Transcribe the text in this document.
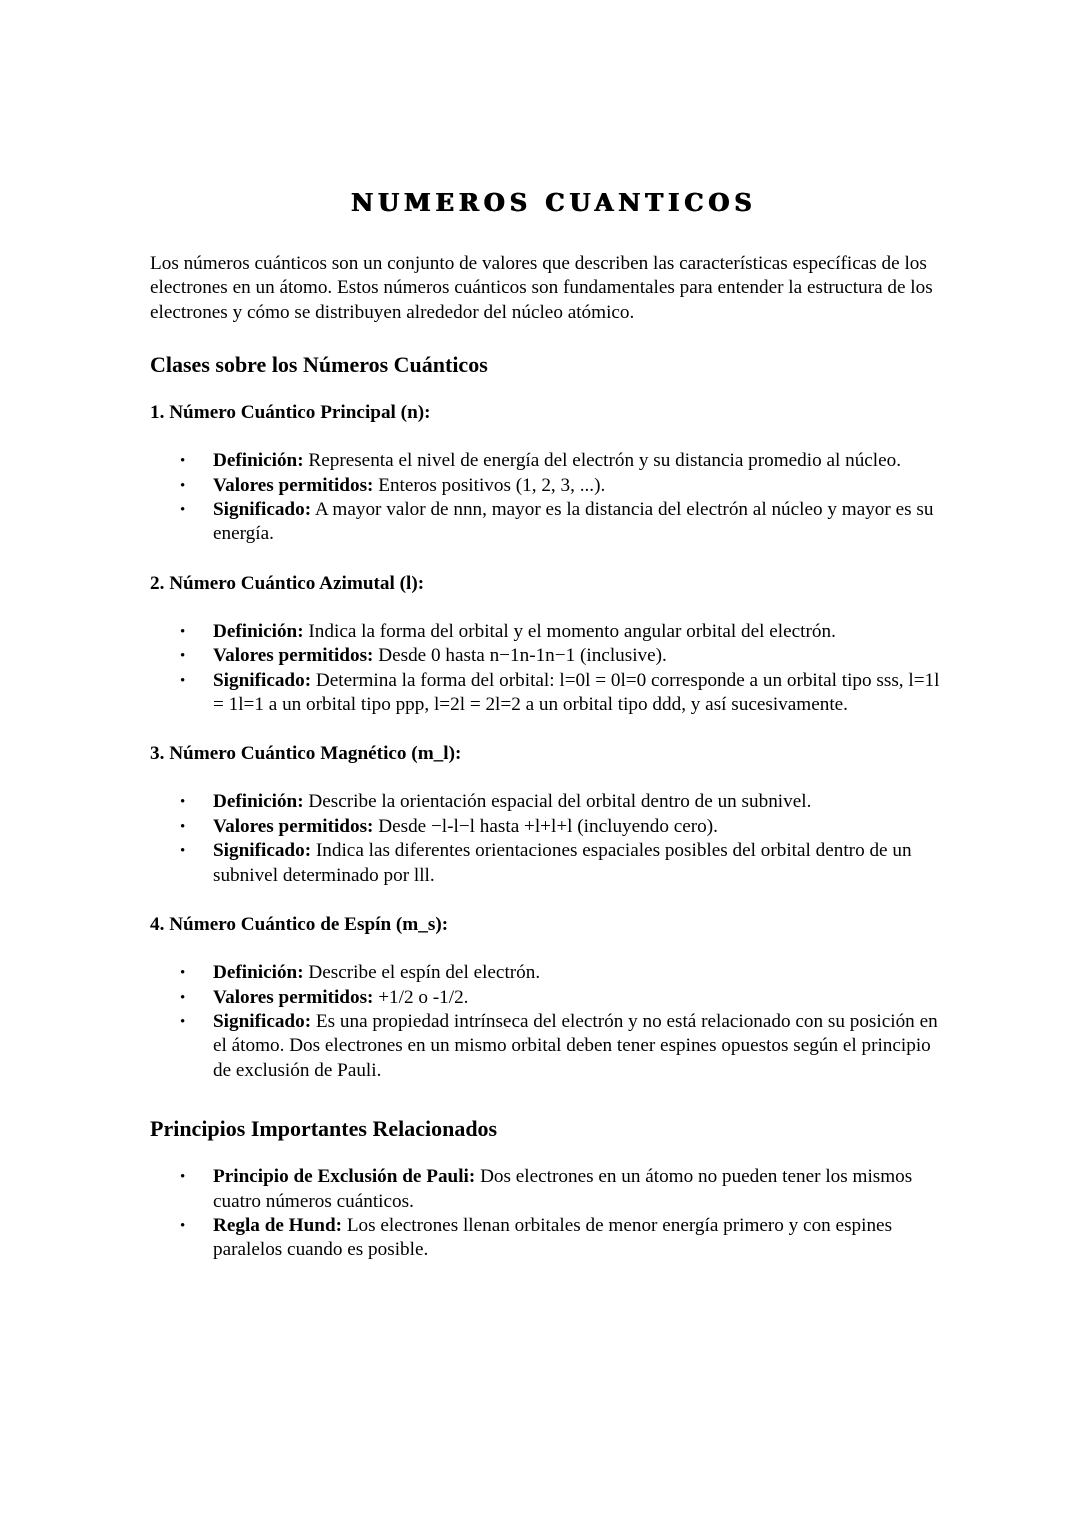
NUMEROS CUANTICOS

Los números cuánticos son un conjunto de valores que describen las características específicas de los electrones en un átomo. Estos números cuánticos son fundamentales para entender la estructura de los electrones y cómo se distribuyen alrededor del núcleo atómico.

Clases sobre los Números Cuánticos
1. Número Cuántico Principal (n):
• Definición: Representa el nivel de energía del electrón y su distancia promedio al núcleo.
• Valores permitidos: Enteros positivos (1, 2, 3, ...).
• Significado: A mayor valor de nnn, mayor es la distancia del electrón al núcleo y mayor es su energía.
2. Número Cuántico Azimutal (l):
• Definición: Indica la forma del orbital y el momento angular orbital del electrón.
• Valores permitidos: Desde 0 hasta n−1n-1n−1 (inclusive).
• Significado: Determina la forma del orbital: l=0l = 0l=0 corresponde a un orbital tipo sss, l=1l = 1l=1 a un orbital tipo ppp, l=2l = 2l=2 a un orbital tipo ddd, y así sucesivamente.
3. Número Cuántico Magnético (m_l):
• Definición: Describe la orientación espacial del orbital dentro de un subnivel.
• Valores permitidos: Desde −l-l−l hasta +l+l+l (incluyendo cero).
• Significado: Indica las diferentes orientaciones espaciales posibles del orbital dentro de un subnivel determinado por lll.
4. Número Cuántico de Espín (m_s):
• Definición: Describe el espín del electrón.
• Valores permitidos: +1/2 o -1/2.
• Significado: Es una propiedad intrínseca del electrón y no está relacionado con su posición en el átomo. Dos electrones en un mismo orbital deben tener espines opuestos según el principio de exclusión de Pauli.
Principios Importantes Relacionados
• Principio de Exclusión de Pauli: Dos electrones en un átomo no pueden tener los mismos cuatro números cuánticos.
• Regla de Hund: Los electrones llenan orbitales de menor energía primero y con espines paralelos cuando es posible.
